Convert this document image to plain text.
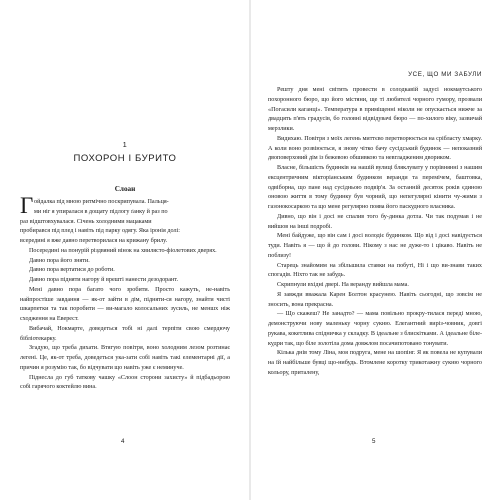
1
ПОХОРОН І БУРИТО
Слоан
Г ойдалка під мною ритмічно поскрипувала. Пальця-

ми ніг я упиралася в дощату підлогу ґанку й раз по

раз відштовхувалася. Січень холодними мацаками

пробирався під плед і навіть під парку одягу. Яка іронія долі:

всередині я вже давно перетворилася на крижану брилу.

Посередині на понурій різдвяний вінок на хвилясто-фіолетових дверях.

Давно пора його зняти.

Давно пора вертатися до роботи.

Давно пора підняти нагору й врешті нанести дезодорант.

Мені давно пора багато чого зробити. Просто кажуть, не-навіть найпростіше завдання — як-от зайти в дім, підняти-ся нагору, знайти чисті шкарпетки та так поробити — ви-магало колосальних зусиль, не меншх ніж сходження на Еверест.

Вибачай, Нокмарте, доведеться тобі ні далі терпіти свою смердючу бібліотекарку.

Згадую, що треба дихати. Втягую повітря, воно холодним лезом розтинає легені. Це, як-от треба, доведеться ука-зати собі навіть такі елементарні дії, а причин я розумію так, бо відчувати що навіть уже є неминуче.

Піднесла до губ таткову чашку «Слоон сторони захисту» й підбадьорою собі гарячого коктейлю вина.

4
УСЕ, ЩО МИ ЗАБУЛИ

Решту дня мені світить провести в солодкавій задусі нокмаутського похоронного бюро, що його містяни, ще ті любителі чорного гумору, прозвали «Погасили каганці». Температура в приміщенні ніколи не опускається нижче за двадцять п'ять градусів, бо головні відвідувачі бюро — по-хилого віку, зазвичай мерзлики.

Видихаю. Повітря з моїх легень миттєво перетворюється на срібласту хмарку. А коли воно розвіюється, я знову чітко бачу сусідський будинок — непоказний двоповерховий дім із бежевою обшивкою та невгладженим двориком.

Власне, більшість будинків на нашій вулиці бляклувату у порівнянні з нашим ексцентричним вікторіанським будинком веранди та перемічем, баштовка, одвіборна, що пане над сусідньою подвір'я. За останній десяток років єдиною оновою життя в тому будинку був чорний, що непегулярні кінити чу-жими з газонокосаркою та що мене регулярно поява його паскудного власника.

Дивно, що він і досі не спалив того бу-динка дотла. Чи так подумав і не вийшов на інші подробі.

Мені байдуже, що він сам і досі володіє будинком. Що від і досі навідується туди. Навіть я — що й до голови. Нікому з нас не дуже-то і цікаво. Навіть не поблизу!

Старець знайомим на збільшила ставки на побуті, Ні і що ви-знави таких спогадів. Ніхто так не забудь.

Скрипнули вхідні двері. На веранду вийшла мама.

Я завжди вважала Карен Болтон красунею. Навіть сьогодні, що зовсім не зносить, вона прекрасна.

— Що скажеш? Не занадто? — мама повільно прокру-тилася переді мною, демонструючи нову маленьку чорну сукню. Елегантний виріз-човник, довгі рукава, кокетлива спідничка у складку. В ідеальне з блискітками. А ідеальне біле-кудри так, що біле золотіла дома довжлом посачипотовано тонувати.

Кілька днів тому Ліна, моя подруга, мене на шопінг. Я як повела не купували на їй найбільше бувці що-нибудь. Втомлене коротку трикотажну сукню чорного кольору, приталену,

5
